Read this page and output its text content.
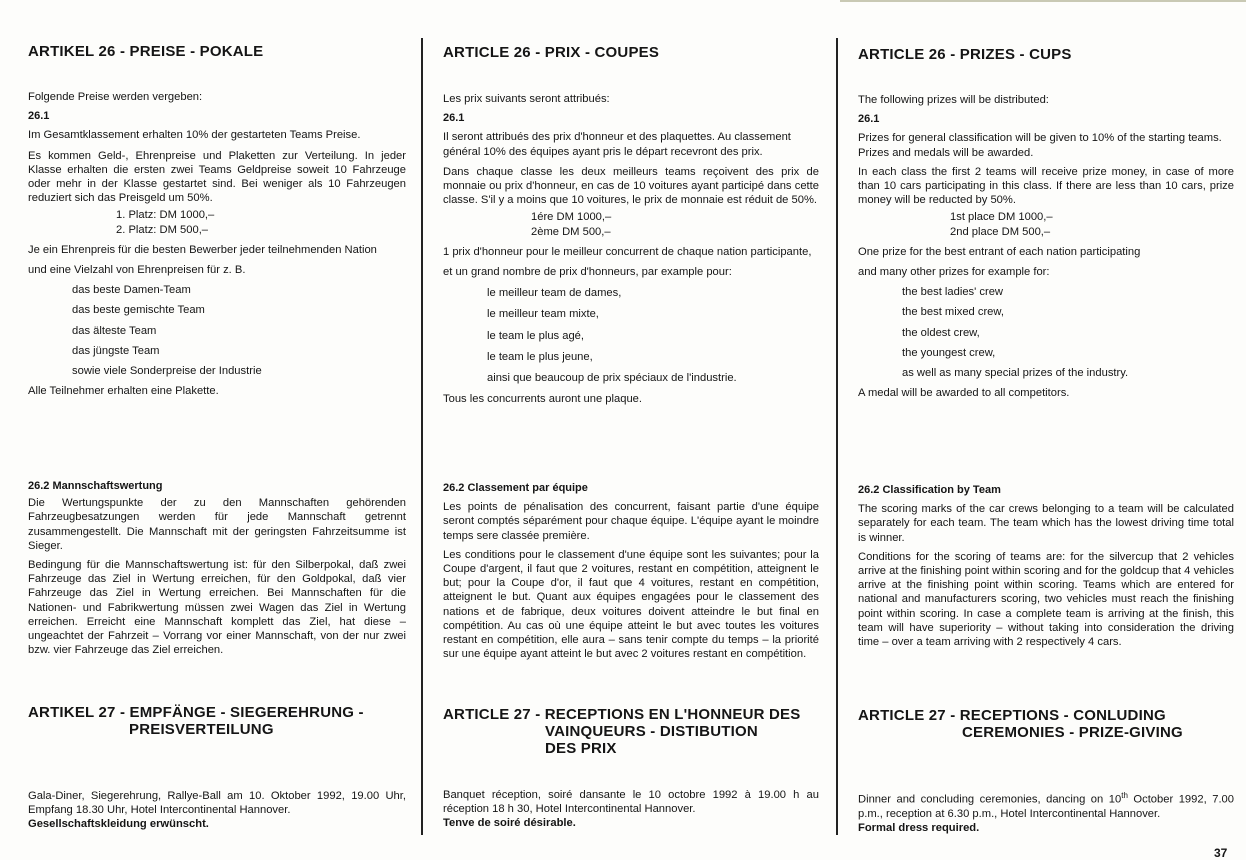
ARTIKEL 26 - PREISE - POKALE

Folgende Preise werden vergeben:

26.1

Im Gesamtklassement erhalten 10% der gestarteten Teams Preise.

Es kommen Geld-, Ehrenpreise und Plaketten zur Verteilung. In jeder Klasse erhalten die ersten zwei Teams Geldpreise soweit 10 Fahrzeuge oder mehr in der Klasse gestartet sind. Bei weniger als 10 Fahrzeugen reduziert sich das Preisgeld um 50%.

1. Platz: DM 1000,–

2. Platz: DM 500,–

Je ein Ehrenpreis für die besten Bewerber jeder teilnehmenden Nation

und eine Vielzahl von Ehrenpreisen für z. B.

das beste Damen-Team

das beste gemischte Team

das älteste Team

das jüngste Team

sowie viele Sonderpreise der Industrie

Alle Teilnehmer erhalten eine Plakette.

26.2 Mannschaftswertung

Die Wertungspunkte der zu den Mannschaften gehörenden Fahrzeugbesatzungen werden für jede Mannschaft getrennt zusammengestellt. Die Mannschaft mit der geringsten Fahrzeitsumme ist Sieger.

Bedingung für die Mannschaftswertung ist: für den Silberpokal, daß zwei Fahrzeuge das Ziel in Wertung erreichen, für den Goldpokal, daß vier Fahrzeuge das Ziel in Wertung erreichen. Bei Mannschaften für die Nationen- und Fabrikwertung müssen zwei Wagen das Ziel in Wertung erreichen. Erreicht eine Mannschaft komplett das Ziel, hat diese – ungeachtet der Fahrzeit – Vorrang vor einer Mannschaft, von der nur zwei bzw. vier Fahrzeuge das Ziel erreichen.

ARTIKEL 27 - EMPFÄNGE - SIEGEREHRUNG -
PREISVERTEILUNG

Gala-Diner, Siegerehrung, Rallye-Ball am 10. Oktober 1992, 19.00 Uhr, Empfang 18.30 Uhr, Hotel Intercontinental Hannover.

Gesellschaftskleidung erwünscht.

ARTICLE 26 - PRIX - COUPES

Les prix suivants seront attribués:

26.1

Il seront attribués des prix d'honneur et des plaquettes. Au classement général 10% des équipes ayant pris le départ recevront des prix.

Dans chaque classe les deux meilleurs teams reçoivent des prix de monnaie ou prix d'honneur, en cas de 10 voitures ayant participé dans cette classe. S'il y a moins que 10 voitures, le prix de monnaie est réduit de 50%.

1ére DM 1000,–

2ème DM 500,–

1 prix d'honneur pour le meilleur concurrent de chaque nation participante,

et un grand nombre de prix d'honneurs, par example pour:

le meilleur team de dames,

le meilleur team mixte,

le team le plus agé,

le team le plus jeune,

ainsi que beaucoup de prix spéciaux de l'industrie.

Tous les concurrents auront une plaque.

26.2 Classement par équipe

Les points de pénalisation des concurrent, faisant partie d'une équipe seront comptés séparément pour chaque équipe. L'équipe ayant le moindre temps sere classée première.

Les conditions pour le classement d'une équipe sont les suivantes; pour la Coupe d'argent, il faut que 2 voitures, restant en compétition, atteignent le but; pour la Coupe d'or, il faut que 4 voitures, restant en compétition, atteignent le but. Quant aux équipes engagées pour le classement des nations et de fabrique, deux voitures doivent atteindre le but final en compétition. Au cas où une équipe atteint le but avec toutes les voitures restant en compétition, elle aura – sans tenir compte du temps – la priorité sur une équipe ayant atteint le but avec 2 voitures restant en compétition.

ARTICLE 27 - RECEPTIONS EN L'HONNEUR DES
VAINQUEURS - DISTIBUTION
DES PRIX

Banquet réception, soiré dansante le 10 octobre 1992 à 19.00 h au réception 18 h 30, Hotel Intercontinental Hannover.

Tenve de soiré désirable.

ARTICLE 26 - PRIZES - CUPS

The following prizes will be distributed:

26.1

Prizes for general classification will be given to 10% of the starting teams.

Prizes and medals will be awarded.

In each class the first 2 teams will receive prize money, in case of more than 10 cars participating in this class. If there are less than 10 cars, prize money will be reducted by 50%.

1st place DM 1000,–

2nd place DM 500,–

One prize for the best entrant of each nation participating

and many other prizes for example for:

the best ladies' crew

the best mixed crew,

the oldest crew,

the youngest crew,

as well as many special prizes of the industry.

A medal will be awarded to all competitors.

26.2 Classification by Team

The scoring marks of the car crews belonging to a team will be calculated separately for each team. The team which has the lowest driving time total is winner.

Conditions for the scoring of teams are: for the silvercup that 2 vehicles arrive at the finishing point within scoring and for the goldcup that 4 vehicles arrive at the finishing point within scoring. Teams which are entered for national and manufacturers scoring, two vehicles must reach the finishing point within scoring. In case a complete team is arriving at the finish, this team will have superiority – without taking into consideration the driving time – over a team arriving with 2 respectively 4 cars.

ARTICLE 27 - RECEPTIONS - CONLUDING
CEREMONIES - PRIZE-GIVING

Dinner and concluding ceremonies, dancing on 10th October 1992, 7.00 p.m., reception at 6.30 p.m., Hotel Intercontinental Hannover.

Formal dress required.

37
